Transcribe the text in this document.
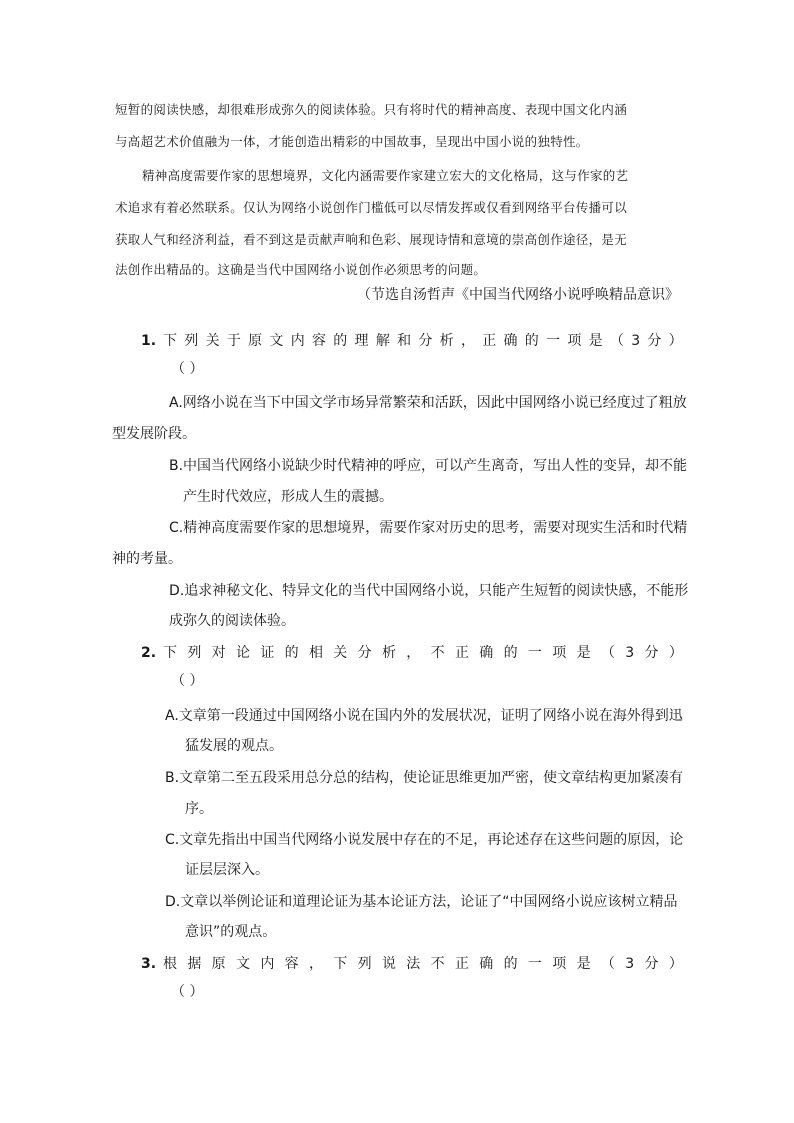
短暂的阅读快感，却很难形成弥久的阅读体验。只有将时代的精神高度、表现中国文化内涵
与高超艺术价值融为一体，才能创造出精彩的中国故事，呈现出中国小说的独特性。
精神高度需要作家的思想境界，文化内涵需要作家建立宏大的文化格局，这与作家的艺
术追求有着必然联系。仅认为网络小说创作门槛低可以尽情发挥或仅看到网络平台传播可以
获取人气和经济利益，看不到这是贡献声响和色彩、展现诗情和意境的崇高创作途径，是无
法创作出精品的。这确是当代中国网络小说创作必须思考的问题。
（节选自汤哲声《中国当代网络小说呼唤精品意识》
1. 下 列 关 于 原 文 内 容 的 理 解 和 分 析 ， 正 确 的 一 项 是 （ 3 分 ）
（ ）
A.网络小说在当下中国文学市场异常繁荣和活跃，因此中国网络小说已经度过了粗放
型发展阶段。
B.中国当代网络小说缺少时代精神的呼应，可以产生离奇，写出人性的变异，却不能
产生时代效应，形成人生的震撼。
C.精神高度需要作家的思想境界，需要作家对历史的思考，需要对现实生活和时代精
神的考量。
D.追求神秘文化、特异文化的当代中国网络小说，只能产生短暂的阅读快感，不能形
成弥久的阅读体验。
2. 下 列 对 论 证 的 相 关 分 析 ， 不 正 确 的 一 项 是 （ 3 分 ）
（ ）
A.文章第一段通过中国网络小说在国内外的发展状况，证明了网络小说在海外得到迅
猛发展的观点。
B.文章第二至五段采用总分总的结构，使论证思维更加严密，使文章结构更加紧凑有
序。
C.文章先指出中国当代网络小说发展中存在的不足，再论述存在这些问题的原因，论
证层层深入。
D.文章以举例论证和道理论证为基本论证方法，论证了“中国网络小说应该树立精品
意识”的观点。
3. 根 据 原 文 内 容 ， 下 列 说 法 不 正 确 的 一 项 是 （ 3 分 ）
（ ）
